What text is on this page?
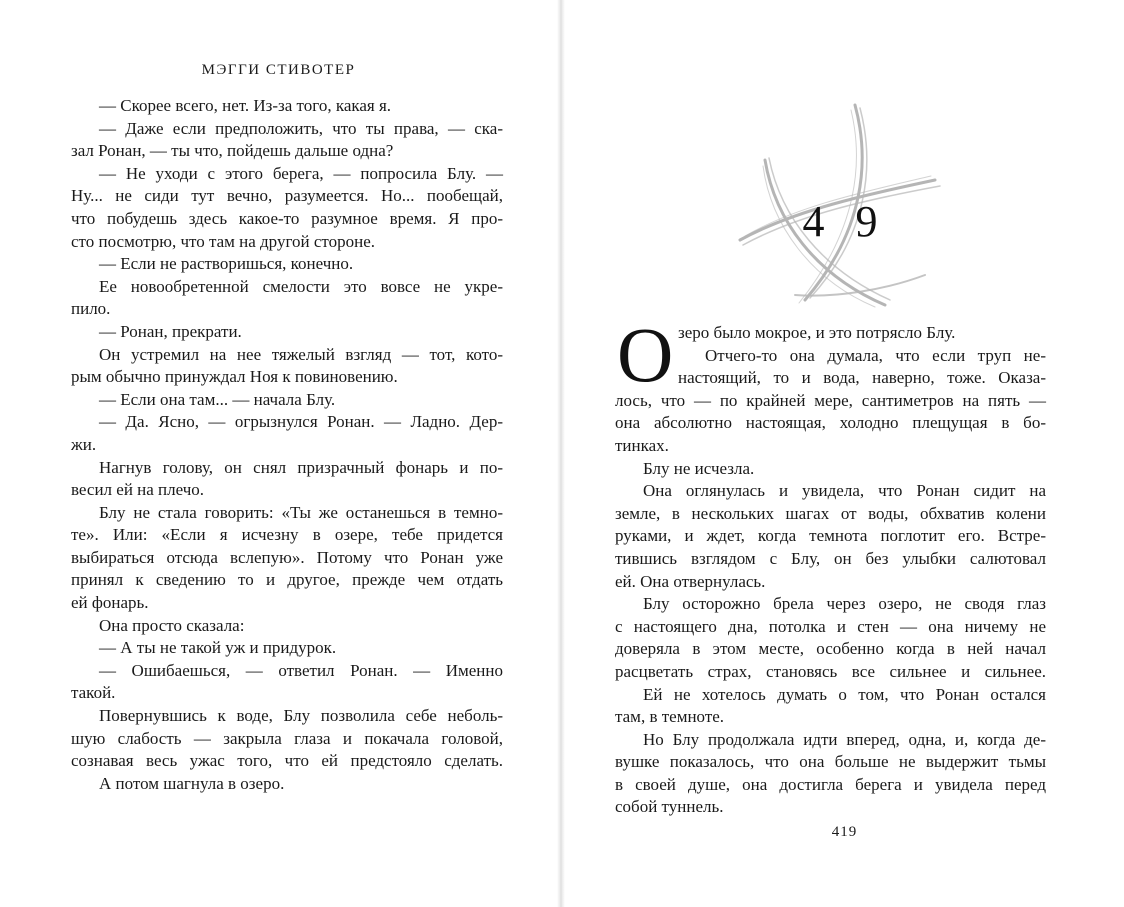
МЭГГИ СТИВОТЕР
— Скорее всего, нет. Из-за того, какая я.
— Даже если предположить, что ты права, — ска-
зал Ронан, — ты что, пойдешь дальше одна?
— Не уходи с этого берега, — попросила Блу. —
Ну... не сиди тут вечно, разумеется. Но... пообещай,
что побудешь здесь какое-то разумное время. Я про-
сто посмотрю, что там на другой стороне.
— Если не растворишься, конечно.
Ее новообретенной смелости это вовсе не укре-
пило.
— Ронан, прекрати.
Он устремил на нее тяжелый взгляд — тот, кото-
рым обычно принуждал Ноя к повиновению.
— Если она там... — начала Блу.
— Да. Ясно, — огрызнулся Ронан. — Ладно. Дер-
жи.
Нагнув голову, он снял призрачный фонарь и по-
весил ей на плечо.
Блу не стала говорить: «Ты же останешься в темно-
те». Или: «Если я исчезну в озере, тебе придется
выбираться отсюда вслепую». Потому что Ронан уже
принял к сведению то и другое, прежде чем отдать
ей фонарь.
Она просто сказала:
— А ты не такой уж и придурок.
— Ошибаешься, — ответил Ронан. — Именно
такой.
Повернувшись к воде, Блу позволила себе неболь-
шую слабость — закрыла глаза и покачала головой,
сознавая весь ужас того, что ей предстояло сделать.
А потом шагнула в озеро.
4 9
О зеро было мокрое, и это потрясло Блу.
Отчего-то она думала, что если труп не-
настоящий, то и вода, наверно, тоже. Оказа-
лось, что — по крайней мере, сантиметров на пять —
она абсолютно настоящая, холодно плещущая в бо-
тинках.
Блу не исчезла.
Она оглянулась и увидела, что Ронан сидит на
земле, в нескольких шагах от воды, обхватив колени
руками, и ждет, когда темнота поглотит его. Встре-
тившись взглядом с Блу, он без улыбки салютовал
ей. Она отвернулась.
Блу осторожно брела через озеро, не сводя глаз
с настоящего дна, потолка и стен — она ничему не
доверяла в этом месте, особенно когда в ней начал
расцветать страх, становясь все сильнее и сильнее.
Ей не хотелось думать о том, что Ронан остался
там, в темноте.
Но Блу продолжала идти вперед, одна, и, когда де-
вушке показалось, что она больше не выдержит тьмы
в своей душе, она достигла берега и увидела перед
собой туннель.
419
